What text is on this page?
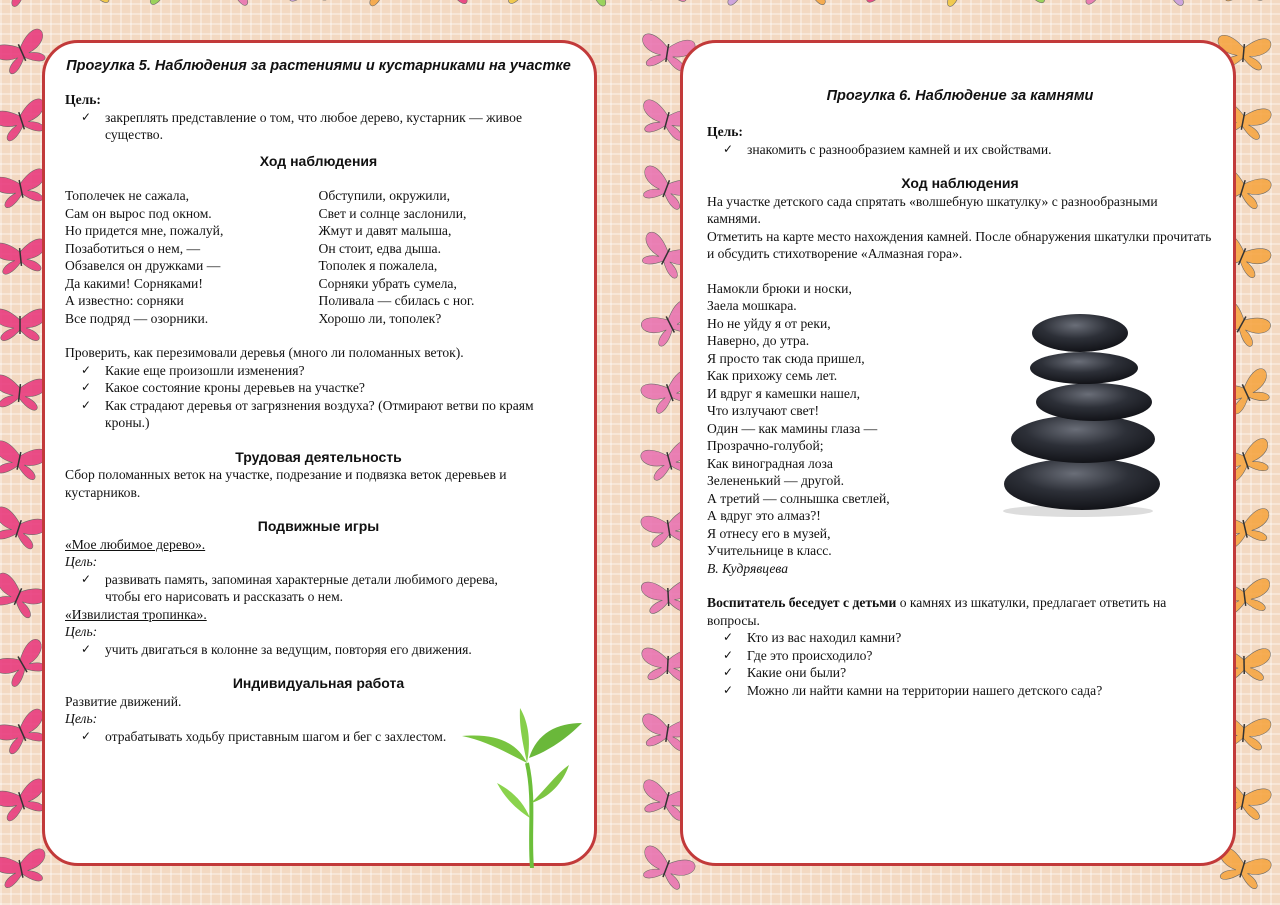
Прогулка 5. Наблюдения за растениями и кустарниками на участке
Цель:
✓ закреплять представление о том, что любое дерево, кустарник — живое существо.
Ход наблюдения
Тополечек не сажала,
Сам он вырос под окном.
Но придется мне, пожалуй,
Позаботиться о нем, —
Обзавелся он дружками —
Да какими! Сорняками!
А известно: сорняки
Все подряд — озорники.
Обступили, окружили,
Свет и солнце заслонили,
Жмут и давят малыша,
Он стоит, едва дыша.
Тополек я пожалела,
Сорняки убрать сумела,
Поливала — сбилась с ног.
Хорошо ли, тополек?
Проверить, как перезимовали деревья (много ли поломанных веток).
✓ Какие еще произошли изменения?
✓ Какое состояние кроны деревьев на участке?
✓ Как страдают деревья от загрязнения воздуха? (Отмирают ветви по краям кроны.)
Трудовая деятельность
Сбор поломанных веток на участке, подрезание и подвязка веток деревьев и кустарников.
Подвижные игры
«Мое любимое дерево».
Цель:
✓ развивать память, запоминая характерные детали любимого дерева, чтобы его нарисовать и рассказать о нем.
«Извилистая тропинка».
Цель:
✓ учить двигаться в колонне за ведущим, повторяя его движения.
Индивидуальная работа
Развитие движений.
Цель:
✓ отрабатывать ходьбу приставным шагом и бег с захлестом.
Прогулка 6. Наблюдение за камнями
Цель:
✓ знакомить с разнообразием камней и их свойствами.
Ход наблюдения
На участке детского сада спрятать «волшебную шкатулку» с разнообразными камнями.
Отметить на карте место нахождения камней. После обнаружения шкатулки прочитать и обсудить стихотворение «Алмазная гора».
Намокли брюки и носки,
Заела мошкара.
Но не уйду я от реки,
Наверно, до утра.
Я просто так сюда пришел,
Как прихожу семь лет.
И вдруг я камешки нашел,
Что излучают свет!
Один — как мамины глаза —
Прозрачно-голубой;
Как виноградная лоза
Зелененький — другой.
А третий — солнышка светлей,
А вдруг это алмаз?!
Я отнесу его в музей,
Учительнице в класс.
В. Кудрявцева
Воспитатель беседует с детьми о камнях из шкатулки, предлагает ответить на вопросы.
✓ Кто из вас находил камни?
✓ Где это происходило?
✓ Какие они были?
✓ Можно ли найти камни на территории нашего детского сада?
